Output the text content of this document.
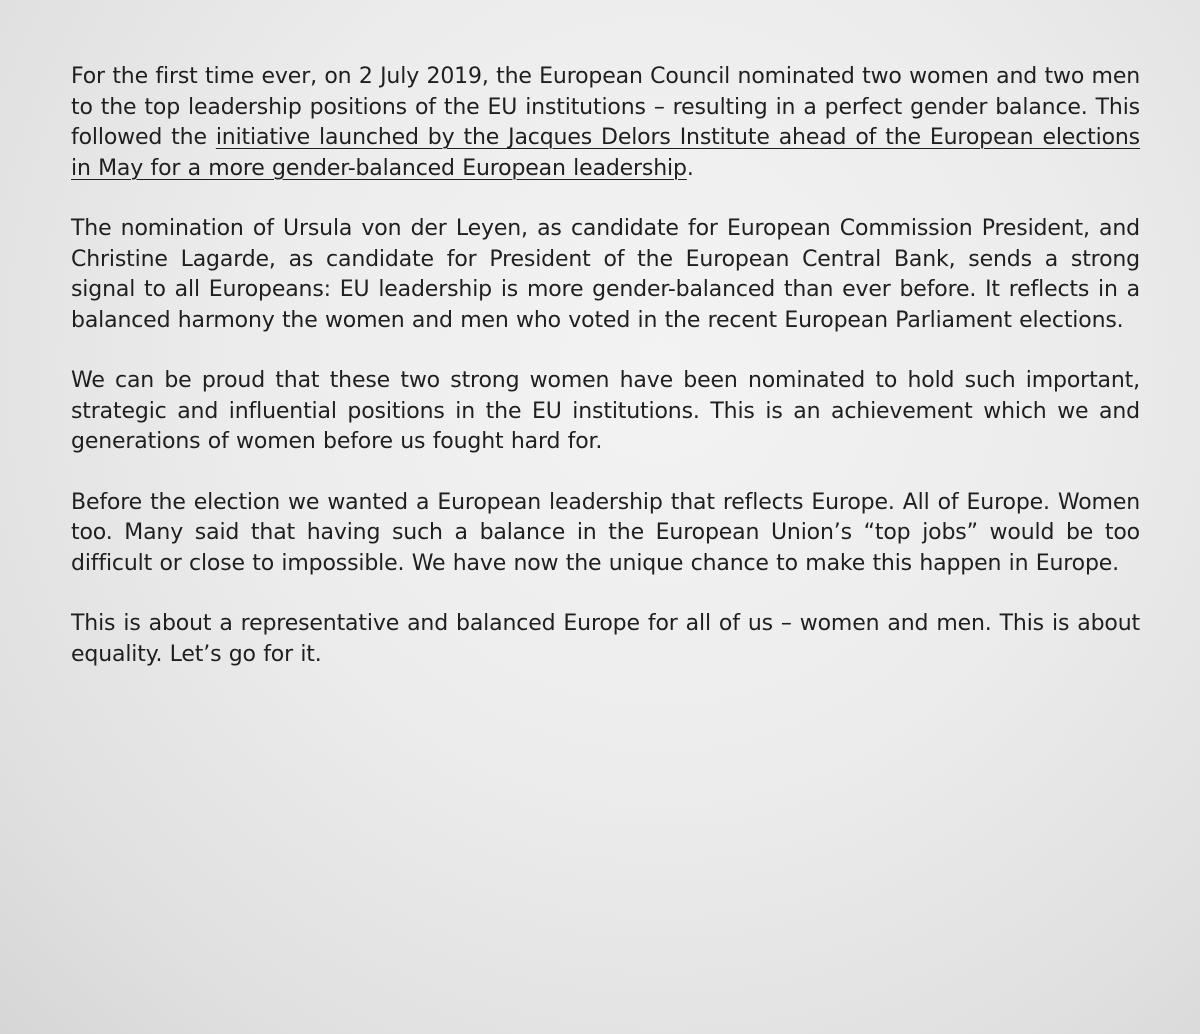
For the first time ever, on 2 July 2019, the European Council nominated two women and two men to the top leadership positions of the EU institutions – resulting in a perfect gender balance. This followed the initiative launched by the Jacques Delors Institute ahead of the European elections in May for a more gender-balanced European leadership.

The nomination of Ursula von der Leyen, as candidate for European Commission President, and Christine Lagarde, as candidate for President of the European Central Bank, sends a strong signal to all Europeans: EU leadership is more gender-balanced than ever before. It reflects in a balanced harmony the women and men who voted in the recent European Parliament elections.

We can be proud that these two strong women have been nominated to hold such important, strategic and influential positions in the EU institutions. This is an achievement which we and generations of women before us fought hard for.

Before the election we wanted a European leadership that reflects Europe. All of Europe. Women too. Many said that having such a balance in the European Union’s “top jobs” would be too difficult or close to impossible. We have now the unique chance to make this happen in Europe.

This is about a representative and balanced Europe for all of us – women and men. This is about equality. Let’s go for it.
